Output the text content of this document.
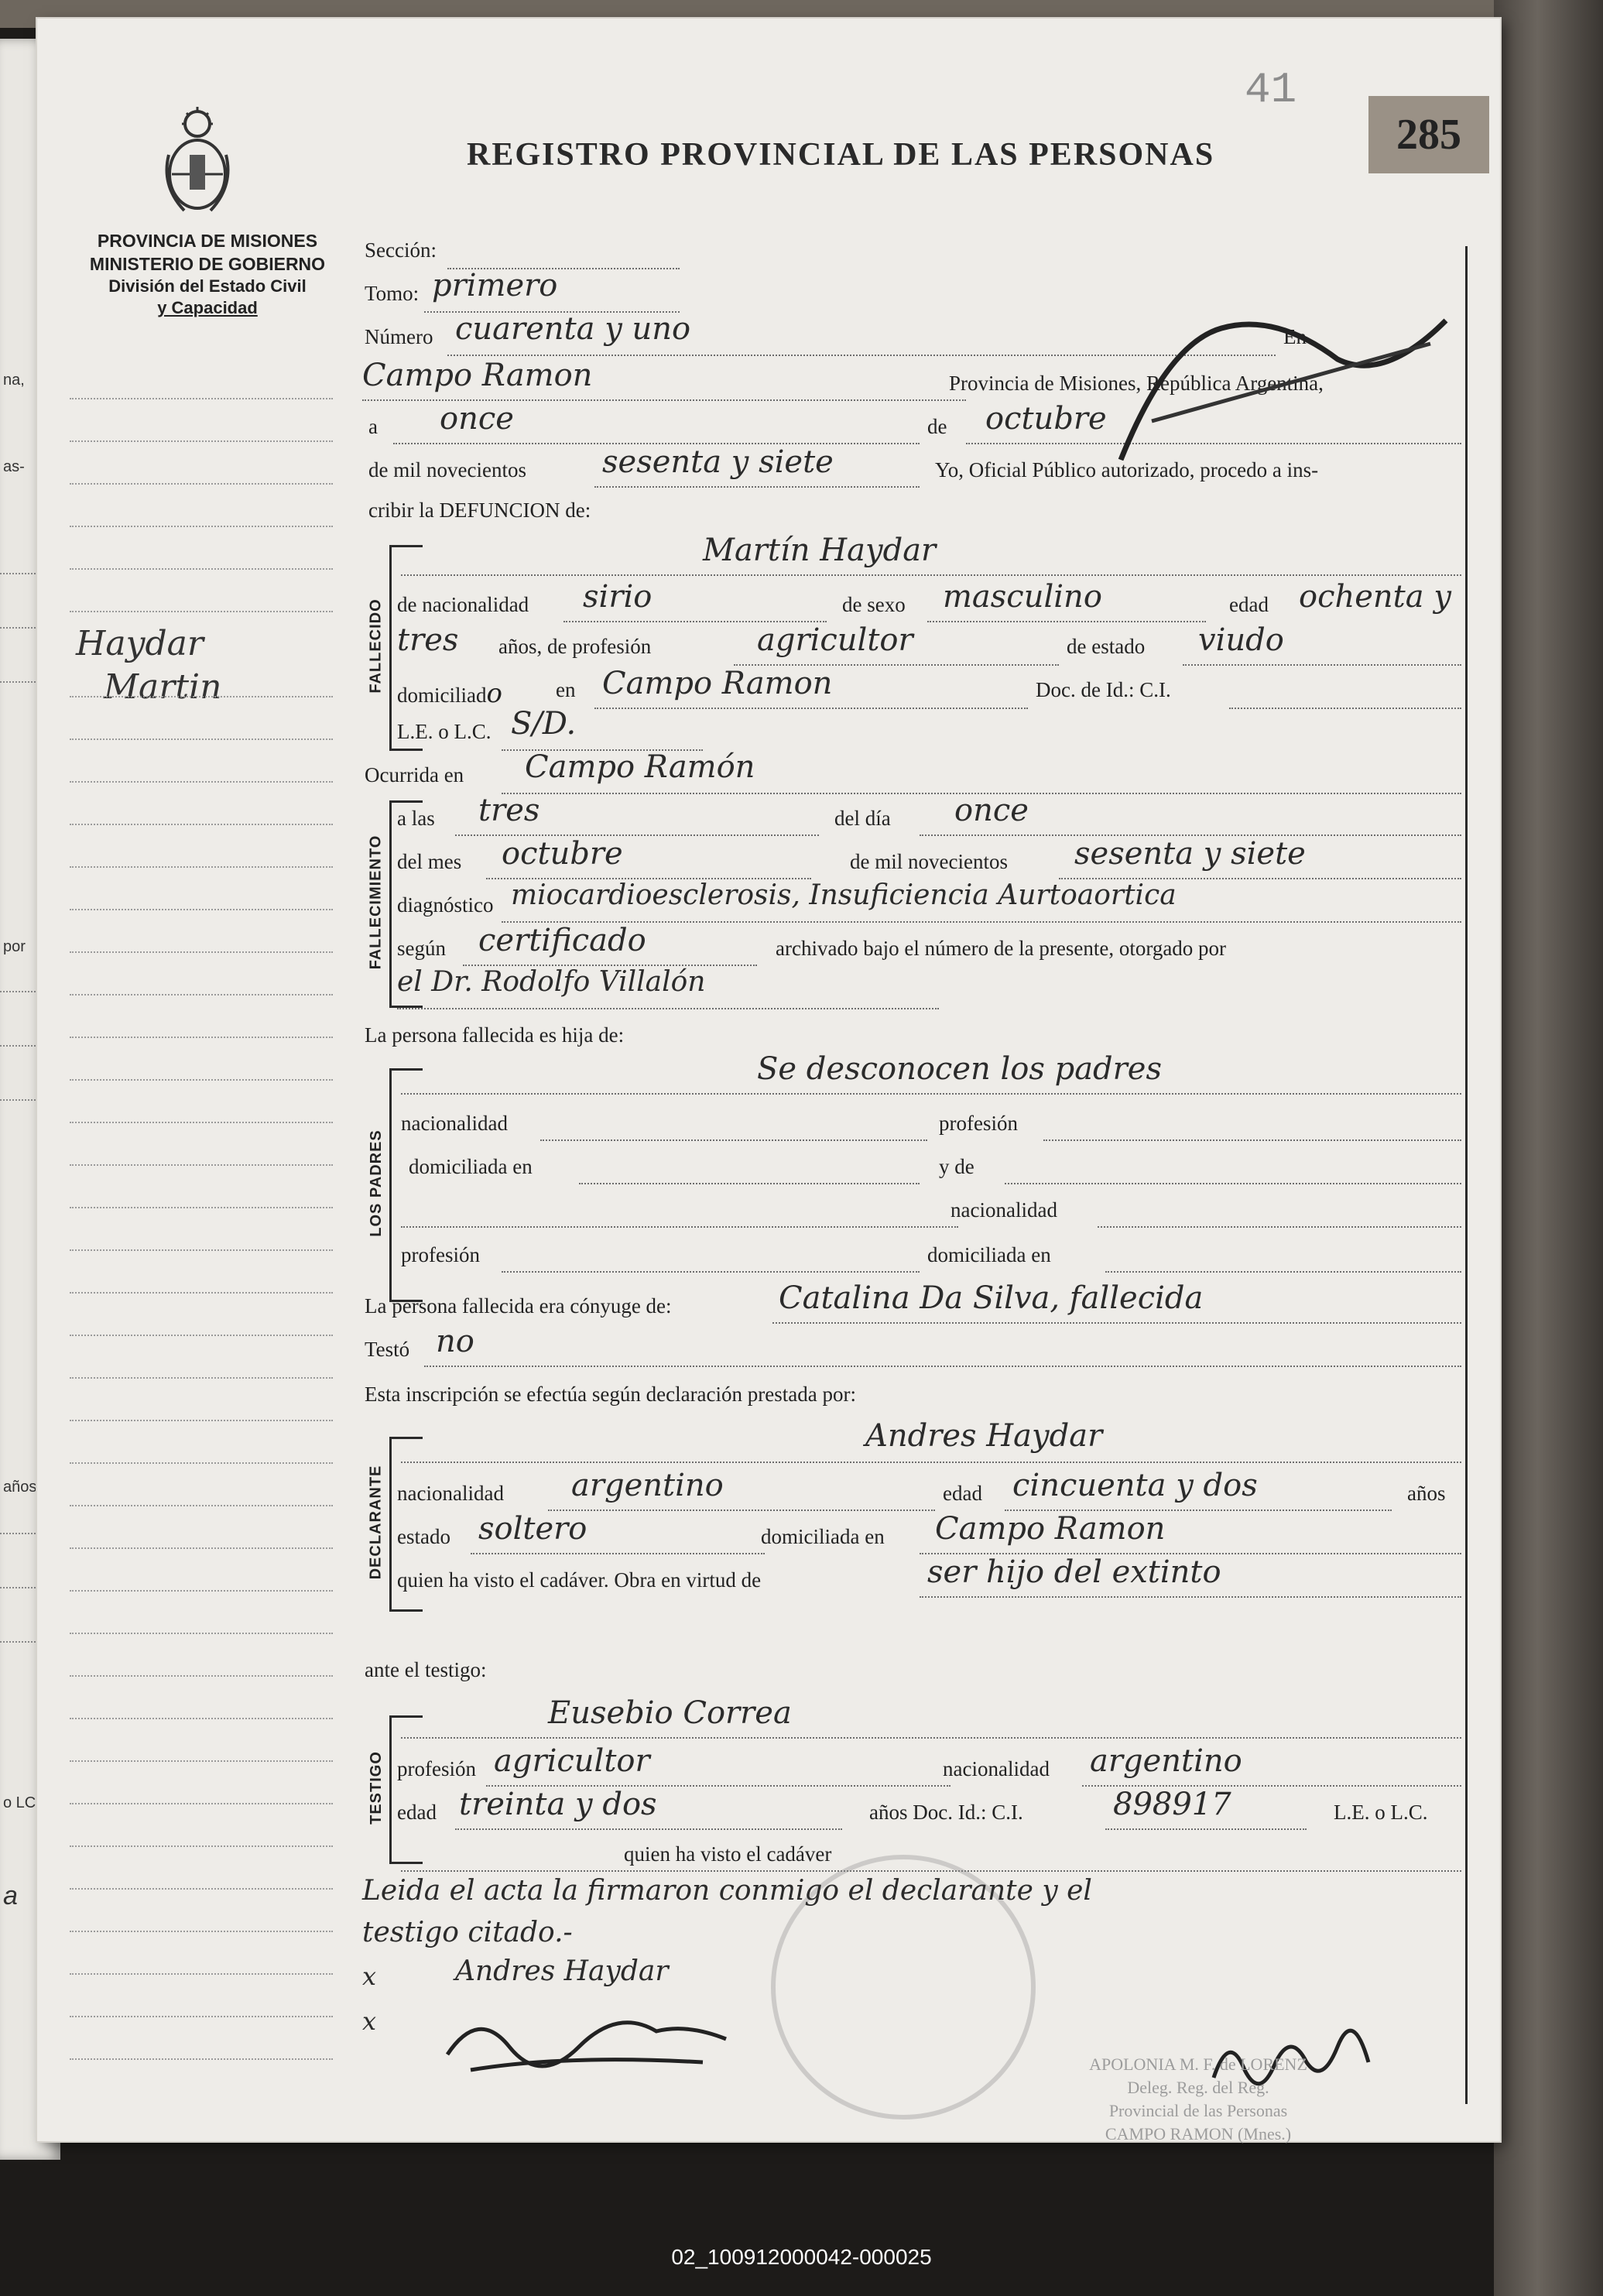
na,
as-
por
años
o LC
a
41
285
REGISTRO PROVINCIAL DE LAS PERSONAS
PROVINCIA DE MISIONES
MINISTERIO DE GOBIERNO
División del Estado Civil
y Capacidad
Haydar
Martin
Sección:
Tomo: primero
Número cuarenta y uno	En
Campo Ramon	Provincia de Misiones, República Argentina,
a once	de octubre
de mil novecientos sesenta y siete	Yo, Oficial Público autorizado, procedo a ins-
cribir la DEFUNCION de:
FALLECIDO
Martín Haydar
de nacionalidad sirio	de sexo masculino	edad ochenta y
tres años, de profesión	agricultor	de estado viudo
domiciliado	en Campo Ramon	Doc. de Id.: C.I.
L.E. o L.C. S/D.
Ocurrida en Campo Ramón
FALLECIMIENTO
a las tres	del día once
del mes octubre	de mil novecientos sesenta y siete
diagnóstico miocardioesclerosis, Insuficiencia Aurtoaortica
según certificado	archivado bajo el número de la presente, otorgado por
el Dr. Rodolfo Villalón
La persona fallecida es hija de:
LOS PADRES
Se desconocen los padres
nacionalidad	profesión
domiciliada en	y de
nacionalidad
profesión	domiciliada en
La persona fallecida era cónyuge de:	Catalina Da Silva, fallecida
Testó no
Esta inscripción se efectúa según declaración prestada por:
DECLARANTE
Andres Haydar
nacionalidad argentino	edad cincuenta y dos	años
estado soltero	domiciliada en Campo Ramon
quien ha visto el cadáver. Obra en virtud de	ser hijo del extinto
ante el testigo:
TESTIGO
Eusebio Correa
profesión agricultor	nacionalidad argentino
edad treinta y dos	años Doc. Id.: C.I.	898917	L.E. o L.C.
quien ha visto el cadáver
Leida el acta la firmaron conmigo el declarante y el
testigo citado.-
x	Andres Haydar
x
APOLONIA M. F. de LORENZ
Deleg. Reg. del Reg.
Provincial de las Personas
CAMPO RAMON (Mnes.)
02_100912000042-000025
